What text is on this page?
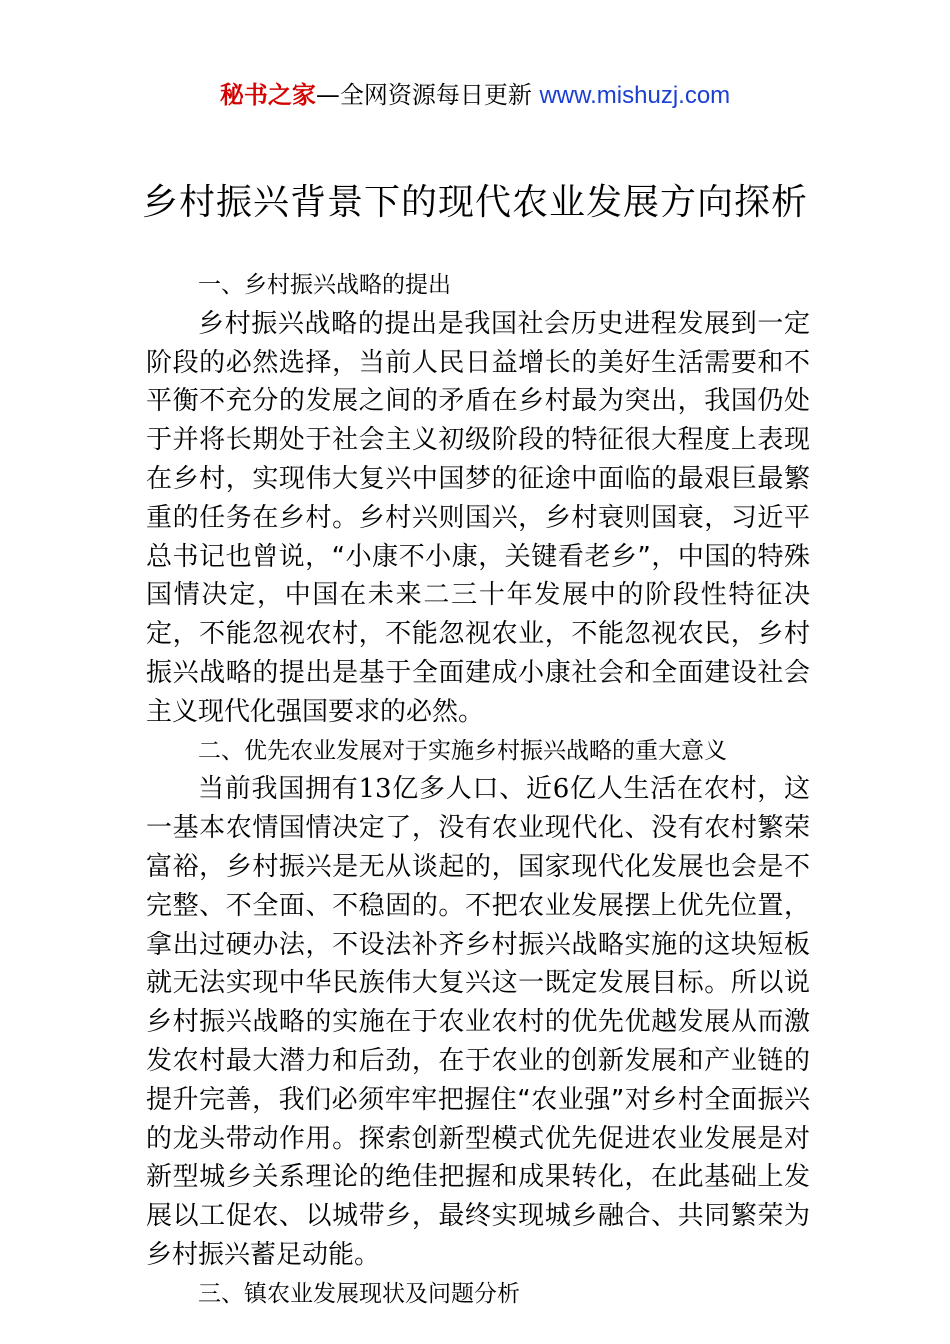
秘书之家—全网资源每日更新 www.mishuzj.com
乡村振兴背景下的现代农业发展方向探析

一、乡村振兴战略的提出

乡村振兴战略的提出是我国社会历史进程发展到一定阶段的必然选择，当前人民日益增长的美好生活需要和不平衡不充分的发展之间的矛盾在乡村最为突出，我国仍处于并将长期处于社会主义初级阶段的特征很大程度上表现在乡村，实现伟大复兴中国梦的征途中面临的最艰巨最繁重的任务在乡村。乡村兴则国兴，乡村衰则国衰，习近平总书记也曾说，“小康不小康，关键看老乡”，中国的特殊国情决定，中国在未来二三十年发展中的阶段性特征决定，不能忽视农村，不能忽视农业，不能忽视农民，乡村振兴战略的提出是基于全面建成小康社会和全面建设社会主义现代化强国要求的必然。

二、优先农业发展对于实施乡村振兴战略的重大意义

当前我国拥有13亿多人口、近6亿人生活在农村，这一基本农情国情决定了，没有农业现代化、没有农村繁荣富裕，乡村振兴是无从谈起的，国家现代化发展也会是不完整、不全面、不稳固的。不把农业发展摆上优先位置，拿出过硬办法，不设法补齐乡村振兴战略实施的这块短板就无法实现中华民族伟大复兴这一既定发展目标。所以说乡村振兴战略的实施在于农业农村的优先优越发展从而激发农村最大潜力和后劲，在于农业的创新发展和产业链的提升完善，我们必须牢牢把握住“农业强”对乡村全面振兴的龙头带动作用。探索创新型模式优先促进农业发展是对新型城乡关系理论的绝佳把握和成果转化，在此基础上发展以工促农、以城带乡，最终实现城乡融合、共同繁荣为乡村振兴蓄足动能。

三、镇农业发展现状及问题分析
